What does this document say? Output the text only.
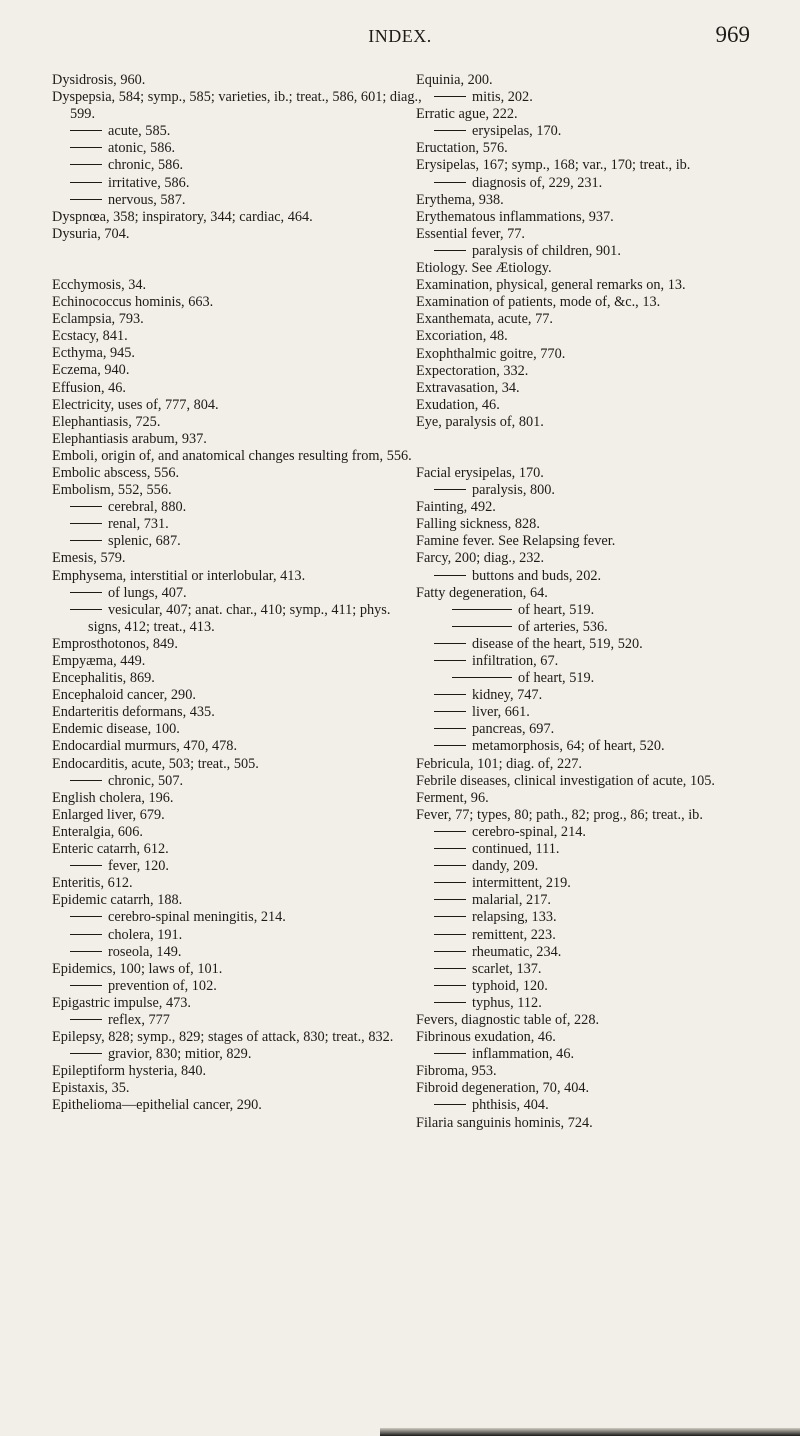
INDEX.	969
Dysidrosis, 960.
Dyspepsia, 584; symp., 585; varieties, ib.; treat., 586, 601; diag., 599.
acute, 585.
atonic, 586.
chronic, 586.
irritative, 586.
nervous, 587.
Dyspnœa, 358; inspiratory, 344; cardiac, 464.
Dysuria, 704.
Ecchymosis, 34.
Echinococcus hominis, 663.
Eclampsia, 793.
Ecstacy, 841.
Ecthyma, 945.
Eczema, 940.
Effusion, 46.
Electricity, uses of, 777, 804.
Elephantiasis, 725.
Elephantiasis arabum, 937.
Emboli, origin of, and anatomical changes resulting from, 556.
Embolic abscess, 556.
Embolism, 552, 556.
cerebral, 880.
renal, 731.
splenic, 687.
Emesis, 579.
Emphysema, interstitial or interlobular, 413.
of lungs, 407.
vesicular, 407; anat. char., 410; symp., 411; phys. signs, 412; treat., 413.
Emprosthotonos, 849.
Empyæma, 449.
Encephalitis, 869.
Encephaloid cancer, 290.
Endarteritis deformans, 435.
Endemic disease, 100.
Endocardial murmurs, 470, 478.
Endocarditis, acute, 503; treat., 505.
chronic, 507.
English cholera, 196.
Enlarged liver, 679.
Enteralgia, 606.
Enteric catarrh, 612.
fever, 120.
Enteritis, 612.
Epidemic catarrh, 188.
cerebro-spinal meningitis, 214.
cholera, 191.
roseola, 149.
Epidemics, 100; laws of, 101.
prevention of, 102.
Epigastric impulse, 473.
reflex, 777
Epilepsy, 828; symp., 829; stages of attack, 830; treat., 832.
gravior, 830; mitior, 829.
Epileptiform hysteria, 840.
Epistaxis, 35.
Epithelioma—epithelial cancer, 290.
Equinia, 200.
mitis, 202.
Erratic ague, 222.
erysipelas, 170.
Eructation, 576.
Erysipelas, 167; symp., 168; var., 170; treat., ib.
diagnosis of, 229, 231.
Erythema, 938.
Erythematous inflammations, 937.
Essential fever, 77.
paralysis of children, 901.
Etiology. See Ætiology.
Examination, physical, general remarks on, 13.
Examination of patients, mode of, &c., 13.
Exanthemata, acute, 77.
Excoriation, 48.
Exophthalmic goitre, 770.
Expectoration, 332.
Extravasation, 34.
Exudation, 46.
Eye, paralysis of, 801.
Facial erysipelas, 170.
paralysis, 800.
Fainting, 492.
Falling sickness, 828.
Famine fever. See Relapsing fever.
Farcy, 200; diag., 232.
buttons and buds, 202.
Fatty degeneration, 64.
of heart, 519.
of arteries, 536.
disease of the heart, 519, 520.
infiltration, 67.
of heart, 519.
kidney, 747.
liver, 661.
pancreas, 697.
metamorphosis, 64; of heart, 520.
Febricula, 101; diag. of, 227.
Febrile diseases, clinical investigation of acute, 105.
Ferment, 96.
Fever, 77; types, 80; path., 82; prog., 86; treat., ib.
cerebro-spinal, 214.
continued, 111.
dandy, 209.
intermittent, 219.
malarial, 217.
relapsing, 133.
remittent, 223.
rheumatic, 234.
scarlet, 137.
typhoid, 120.
typhus, 112.
Fevers, diagnostic table of, 228.
Fibrinous exudation, 46.
inflammation, 46.
Fibroma, 953.
Fibroid degeneration, 70, 404.
phthisis, 404.
Filaria sanguinis hominis, 724.
